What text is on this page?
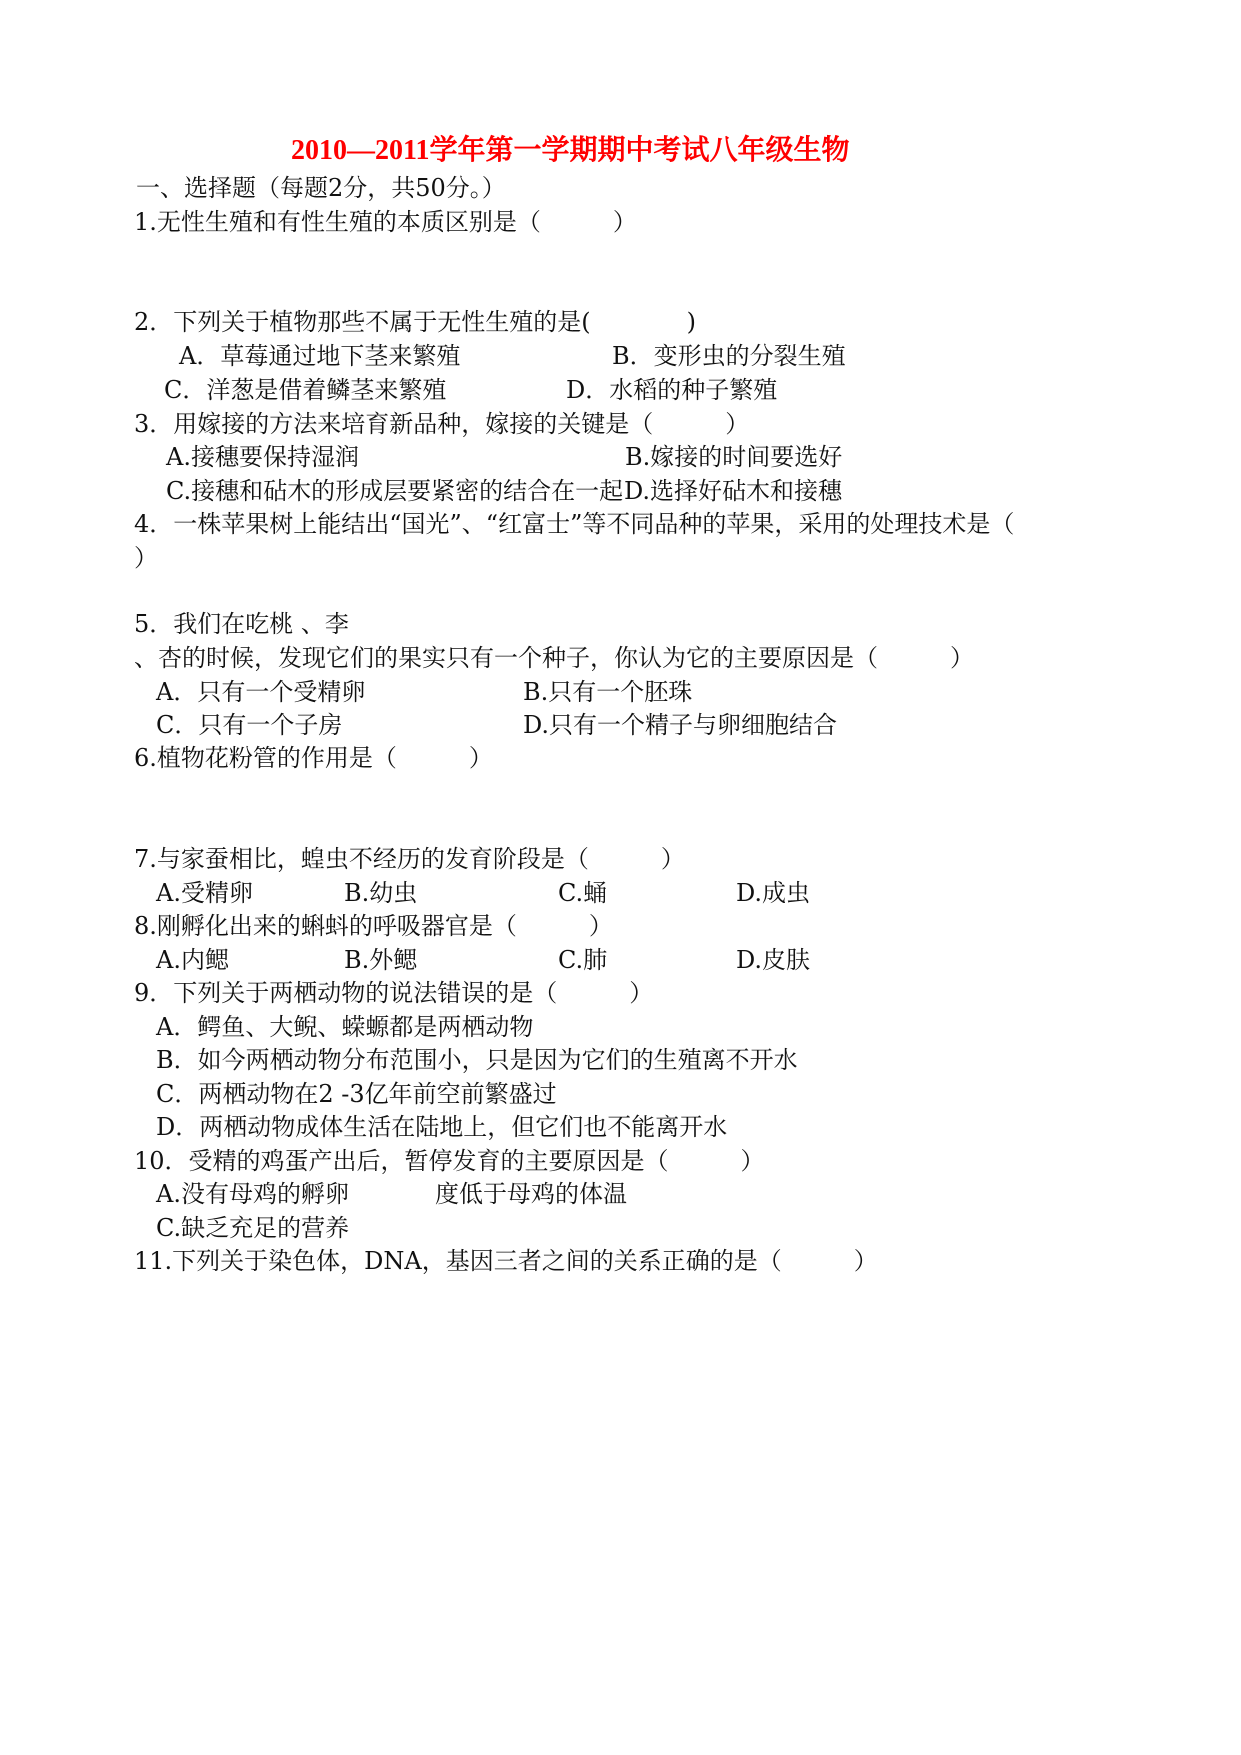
2010—2011学年第一学期期中考试八年级生物
一、选择题（每题2分，共50分。）
1.无性生殖和有性生殖的本质区别是（　　　）
2．下列关于植物那些不属于无性生殖的是(　　　　)
A．草莓通过地下茎来繁殖	B．变形虫的分裂生殖
C．洋葱是借着鳞茎来繁殖	D．水稻的种子繁殖
3．用嫁接的方法来培育新品种，嫁接的关键是（　　　）
A.接穗要保持湿润	B.嫁接的时间要选好
C.接穗和砧木的形成层要紧密的结合在一起 D.选择好砧木和接穗
4．一株苹果树上能结出“国光”、“红富士”等不同品种的苹果，采用的处理技术是（
）
5．我们在吃桃 、李
、杏的时候，发现它们的果实只有一个种子，你认为它的主要原因是（　　　）
A．只有一个受精卵	B.只有一个胚珠
C．只有一个子房	D.只有一个精子与卵细胞结合
6.植物花粉管的作用是（　　　）
7.与家蚕相比，蝗虫不经历的发育阶段是（　　　）
A.受精卵	B.幼虫	C.蛹	D.成虫
8.刚孵化出来的蝌蚪的呼吸器官是（　　　）
A.内鳃	B.外鳃	C.肺	D.皮肤
9．下列关于两栖动物的说法错误的是（　　　）
A．鳄鱼、大鲵、蝾螈都是两栖动物
B．如今两栖动物分布范围小，只是因为它们的生殖离不开水
C．两栖动物在2 -3亿年前空前繁盛过
D．两栖动物成体生活在陆地上，但它们也不能离开水
10．受精的鸡蛋产出后，暂停发育的主要原因是（　　　）
A.没有母鸡的孵卵	度低于母鸡的体温
C.缺乏充足的营养
11.下列关于染色体，DNA，基因三者之间的关系正确的是（　　　）
